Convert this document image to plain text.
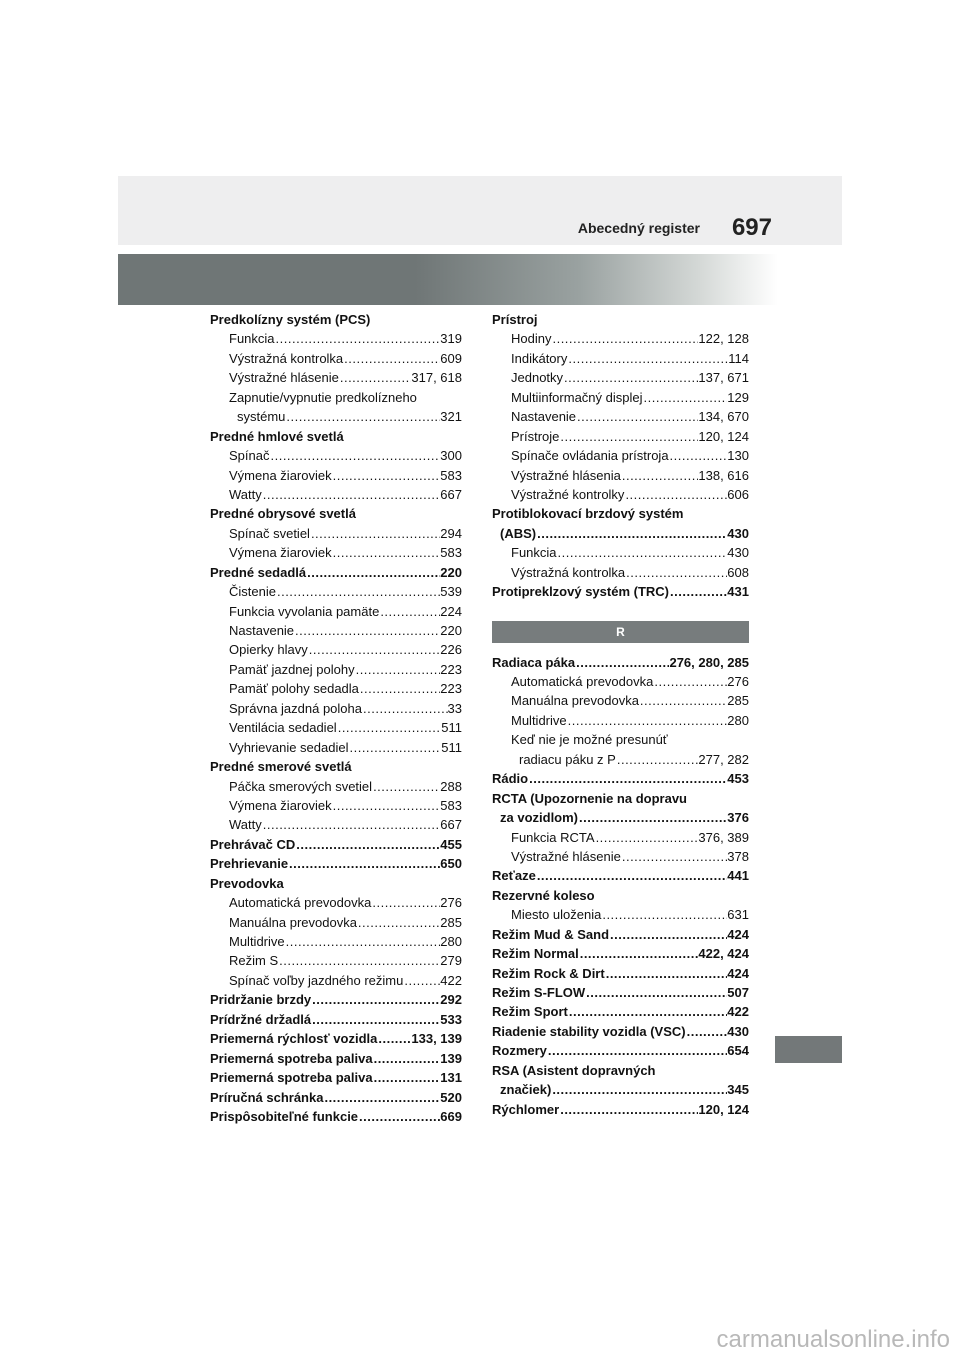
Abecedný register 697
Predkolízny systém (PCS)
Funkcia .....	319
Výstražná kontrolka .....	609
Výstražné hlásenie .....	317, 618
Zapnutie/vypnutie predkolízneho
systému .....	321
Predné hmlové svetlá
Spínač .....	300
Výmena žiaroviek .....	583
Watty .....	667
Predné obrysové svetlá
Spínač svetiel .....	294
Výmena žiaroviek .....	583
Predné sedadlá .....	220
Čistenie .....	539
Funkcia vyvolania pamäte .....	224
Nastavenie .....	220
Opierky hlavy .....	226
Pamäť jazdnej polohy .....	223
Pamäť polohy sedadla .....	223
Správna jazdná poloha .....	33
Ventilácia sedadiel .....	511
Vyhrievanie sedadiel .....	511
Predné smerové svetlá
Páčka smerových svetiel .....	288
Výmena žiaroviek .....	583
Watty .....	667
Prehrávač CD .....	455
Prehrievanie .....	650
Prevodovka
Automatická prevodovka .....	276
Manuálna prevodovka .....	285
Multidrive .....	280
Režim S .....	279
Spínač voľby jazdného režimu .....	422
Pridržanie brzdy .....	292
Prídržné držadlá .....	533
Priemerná rýchlosť vozidla .....	133, 139
Priemerná spotreba paliva .....	139
Priemerná spotreba paliva .....	131
Príručná schránka .....	520
Prispôsobiteľné funkcie .....	669
Prístroj
Hodiny .....	122, 128
Indikátory .....	114
Jednotky .....	137, 671
Multiinformačný displej .....	129
Nastavenie .....	134, 670
Prístroje .....	120, 124
Spínače ovládania prístroja .....	130
Výstražné hlásenia .....	138, 616
Výstražné kontrolky .....	606
Protiblokovací brzdový systém
(ABS) .....	430
Funkcia .....	430
Výstražná kontrolka .....	608
Protipreklzový systém (TRC) .....	431
R
Radiaca páka .....	276, 280, 285
Automatická prevodovka .....	276
Manuálna prevodovka .....	285
Multidrive .....	280
Keď nie je možné presunúť
radiacu páku z P .....	277, 282
Rádio .....	453
RCTA (Upozornenie na dopravu
za vozidlom) .....	376
Funkcia RCTA .....	376, 389
Výstražné hlásenie .....	378
Reťaze .....	441
Rezervné koleso
Miesto uloženia .....	631
Režim Mud & Sand .....	424
Režim Normal .....	422, 424
Režim Rock & Dirt .....	424
Režim S-FLOW .....	507
Režim Sport .....	422
Riadenie stability vozidla (VSC) .....	430
Rozmery .....	654
RSA (Asistent dopravných
značiek) .....	345
Rýchlomer .....	120, 124
carmanualsonline.info
